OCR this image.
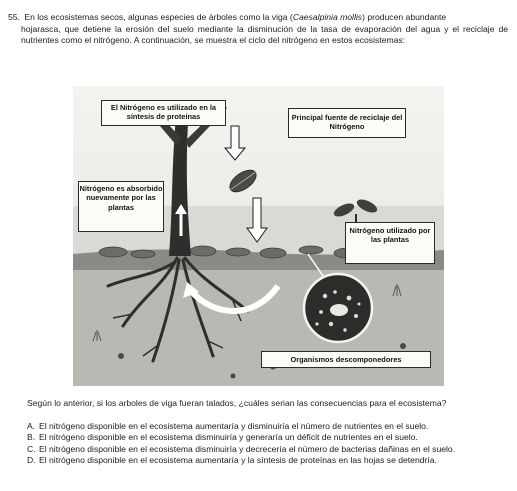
55. En los ecosistemas secos, algunas especies de árboles como la viga (Caesalpinia mollis) producen abundante
hojarasca, que detiene la erosión del suelo mediante la disminución de la tasa de evaporación del agua y el reciclaje de nutrientes como el nitrógeno. A continuación, se muestra el ciclo del nitrógeno en estos ecosistemas:
El Nitrógeno es utilizado en la síntesis de proteínas	Principal fuente de reciclaje del Nitrógeno
Nitrógeno es absorbido nuevamente por las plantas
Nitrógeno utilizado por las plantas
Organismos descomponedores
Según lo anterior, si los arboles de viga fueran talados, ¿cuáles serian las consecuencias para el ecosistema?
A. El nitrógeno disponible en el ecosistema aumentaría y disminuiría el número de nutrientes en el suelo.
B. El nitrógeno disponible en el ecosistema disminuiría y generaría un déficit de nutrientes en el suelo.
C. El nitrógeno disponible en el ecosistema disminuiría y decrecería el número de bacterias dañinas en el suelo.
D. El nitrógeno disponible en el ecosistema aumentaría y la síntesis de proteínas en las hojas se detendría.
